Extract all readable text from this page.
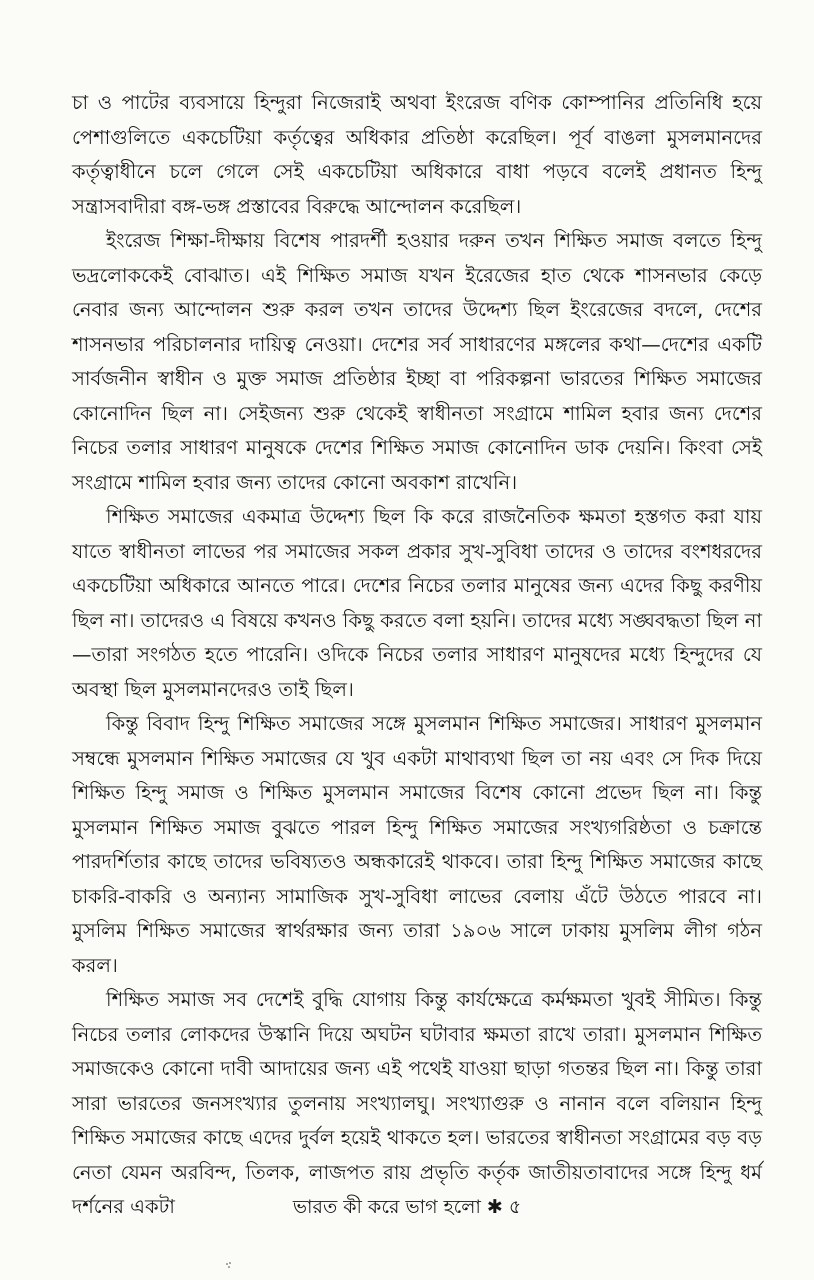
চা ও পাটের ব্যবসায়ে হিন্দুরা নিজেরাই অথবা ইংরেজ বণিক কোম্পানির প্রতিনিধি হয়ে পেশাগুলিতে একচেটিয়া কর্তৃত্বের অধিকার প্রতিষ্ঠা করেছিল। পূর্ব বাঙলা মুসলমানদের কর্তৃত্বাধীনে চলে গেলে সেই একচেটিয়া অধিকারে বাধা পড়বে বলেই প্রধানত হিন্দু সন্ত্রাসবাদীরা বঙ্গ-ভঙ্গ প্রস্তাবের বিরুদ্ধে আন্দোলন করেছিল।

ইংরেজ শিক্ষা-দীক্ষায় বিশেষ পারদর্শী হওয়ার দরুন তখন শিক্ষিত সমাজ বলতে হিন্দু ভদ্রলোককেই বোঝাত। এই শিক্ষিত সমাজ যখন ইরেজের হাত থেকে শাসনভার কেড়ে নেবার জন্য আন্দোলন শুরু করল তখন তাদের উদ্দেশ্য ছিল ইংরেজের বদলে, দেশের শাসনভার পরিচালনার দায়িত্ব নেওয়া। দেশের সর্ব সাধারণের মঙ্গলের কথা—দেশের একটি সার্বজনীন স্বাধীন ও মুক্ত সমাজ প্রতিষ্ঠার ইচ্ছা বা পরিকল্পনা ভারতের শিক্ষিত সমাজের কোনোদিন ছিল না। সেইজন্য শুরু থেকেই স্বাধীনতা সংগ্রামে শামিল হবার জন্য দেশের নিচের তলার সাধারণ মানুষকে দেশের শিক্ষিত সমাজ কোনোদিন ডাক দেয়নি। কিংবা সেই সংগ্রামে শামিল হবার জন্য তাদের কোনো অবকাশ রাখেনি।

শিক্ষিত সমাজের একমাত্র উদ্দেশ্য ছিল কি করে রাজনৈতিক ক্ষমতা হস্তগত করা যায় যাতে স্বাধীনতা লাভের পর সমাজের সকল প্রকার সুখ-সুবিধা তাদের ও তাদের বংশধরদের একচেটিয়া অধিকারে আনতে পারে। দেশের নিচের তলার মানুষের জন্য এদের কিছু করণীয় ছিল না। তাদেরও এ বিষয়ে কখনও কিছু করতে বলা হয়নি। তাদের মধ্যে সঙ্ঘবদ্ধতা ছিল না—তারা সংগঠত হতে পারেনি। ওদিকে নিচের তলার সাধারণ মানুষদের মধ্যে হিন্দুদের যে অবস্থা ছিল মুসলমানদেরও তাই ছিল।

কিন্তু বিবাদ হিন্দু শিক্ষিত সমাজের সঙ্গে মুসলমান শিক্ষিত সমাজের। সাধারণ মুসলমান সম্বন্ধে মুসলমান শিক্ষিত সমাজের যে খুব একটা মাথাব্যথা ছিল তা নয় এবং সে দিক দিয়ে শিক্ষিত হিন্দু সমাজ ও শিক্ষিত মুসলমান সমাজের বিশেষ কোনো প্রভেদ ছিল না। কিন্তু মুসলমান শিক্ষিত সমাজ বুঝতে পারল হিন্দু শিক্ষিত সমাজের সংখ্যগরিষ্ঠতা ও চক্রান্তে পারদর্শিতার কাছে তাদের ভবিষ্যতও অন্ধকারেই থাকবে। তারা হিন্দু শিক্ষিত সমাজের কাছে চাকরি-বাকরি ও অন্যান্য সামাজিক সুখ-সুবিধা লাভের বেলায় এঁটে উঠতে পারবে না। মুসলিম শিক্ষিত সমাজের স্বার্থরক্ষার জন্য তারা ১৯০৬ সালে ঢাকায় মুসলিম লীগ গঠন করল।

শিক্ষিত সমাজ সব দেশেই বুদ্ধি যোগায় কিন্তু কার্যক্ষেত্রে কর্মক্ষমতা খুবই সীমিত। কিন্তু নিচের তলার লোকদের উস্কানি দিয়ে অঘটন ঘটাবার ক্ষমতা রাখে তারা। মুসলমান শিক্ষিত সমাজকেও কোনো দাবী আদায়ের জন্য এই পথেই যাওয়া ছাড়া গতন্তর ছিল না। কিন্তু তারা সারা ভারতের জনসংখ্যার তুলনায় সংখ্যালঘু। সংখ্যাগুরু ও নানান বলে বলিয়ান হিন্দু শিক্ষিত সমাজের কাছে এদের দুর্বল হয়েই থাকতে হল। ভারতের স্বাধীনতা সংগ্রামের বড় বড় নেতা যেমন অরবিন্দ, তিলক, লাজপত রায় প্রভৃতি কর্তৃক জাতীয়তাবাদের সঙ্গে হিন্দু ধর্ম দর্শনের একটা	ভারত কী করে ভাগ হলো ✱ ৫
